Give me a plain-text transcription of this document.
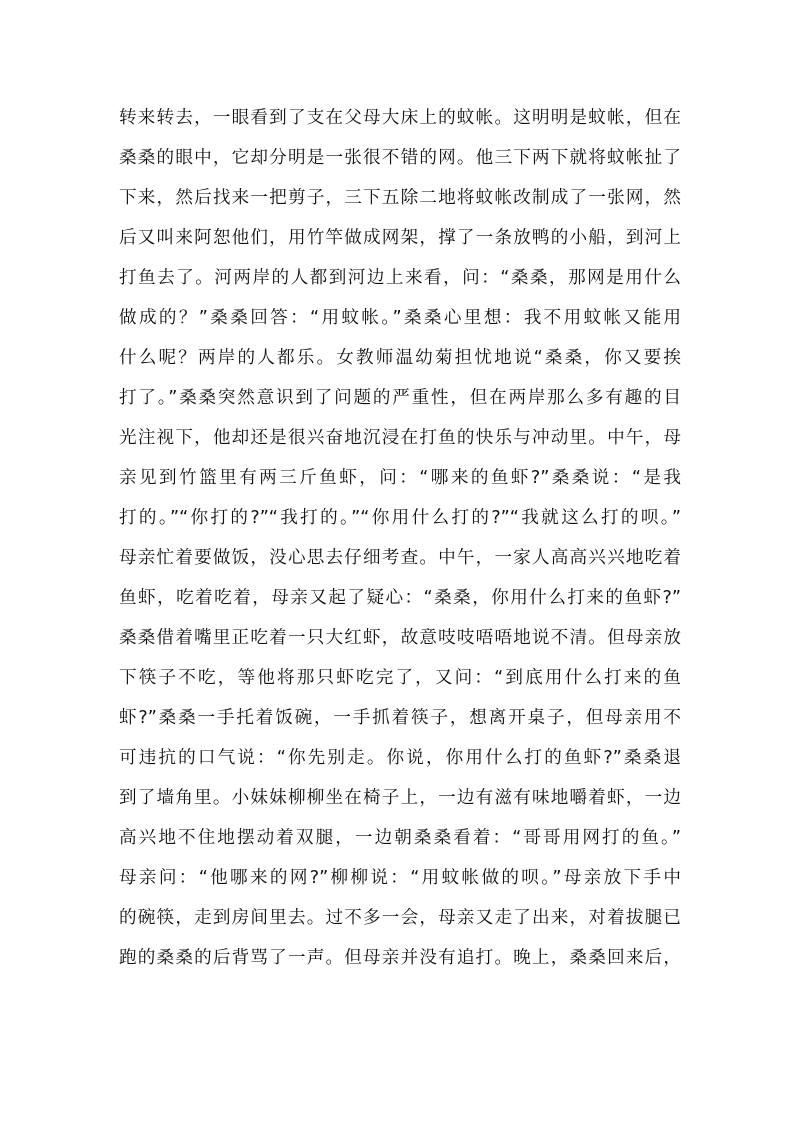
转来转去，一眼看到了支在父母大床上的蚊帐。这明明是蚊帐，但在
桑桑的眼中，它却分明是一张很不错的网。他三下两下就将蚊帐扯了
下来，然后找来一把剪子，三下五除二地将蚊帐改制成了一张网，然
后又叫来阿恕他们，用竹竿做成网架，撑了一条放鸭的小船，到河上
打鱼去了。河两岸的人都到河边上来看，问：“桑桑，那网是用什么
做成的？”桑桑回答：“用蚊帐。”桑桑心里想：我不用蚊帐又能用
什么呢？两岸的人都乐。女教师温幼菊担忧地说“桑桑，你又要挨
打了。”桑桑突然意识到了问题的严重性，但在两岸那么多有趣的目
光注视下，他却还是很兴奋地沉浸在打鱼的快乐与冲动里。中午，母
亲见到竹篮里有两三斤鱼虾，问：“哪来的鱼虾?”桑桑说：“是我
打的。”“你打的?”“我打的。”“你用什么打的?”“我就这么打的呗。”
母亲忙着要做饭，没心思去仔细考查。中午，一家人高高兴兴地吃着
鱼虾，吃着吃着，母亲又起了疑心：“桑桑，你用什么打来的鱼虾?”
桑桑借着嘴里正吃着一只大红虾，故意吱吱唔唔地说不清。但母亲放
下筷子不吃，等他将那只虾吃完了，又问：“到底用什么打来的鱼
虾?”桑桑一手托着饭碗，一手抓着筷子，想离开桌子，但母亲用不
可违抗的口气说：“你先别走。你说，你用什么打的鱼虾?”桑桑退
到了墙角里。小妹妹柳柳坐在椅子上，一边有滋有味地嚼着虾，一边
高兴地不住地摆动着双腿，一边朝桑桑看着：“哥哥用网打的鱼。”
母亲问：“他哪来的网?”柳柳说：“用蚊帐做的呗。”母亲放下手中
的碗筷，走到房间里去。过不多一会，母亲又走了出来，对着拔腿已
跑的桑桑的后背骂了一声。但母亲并没有追打。晚上，桑桑回来后，
